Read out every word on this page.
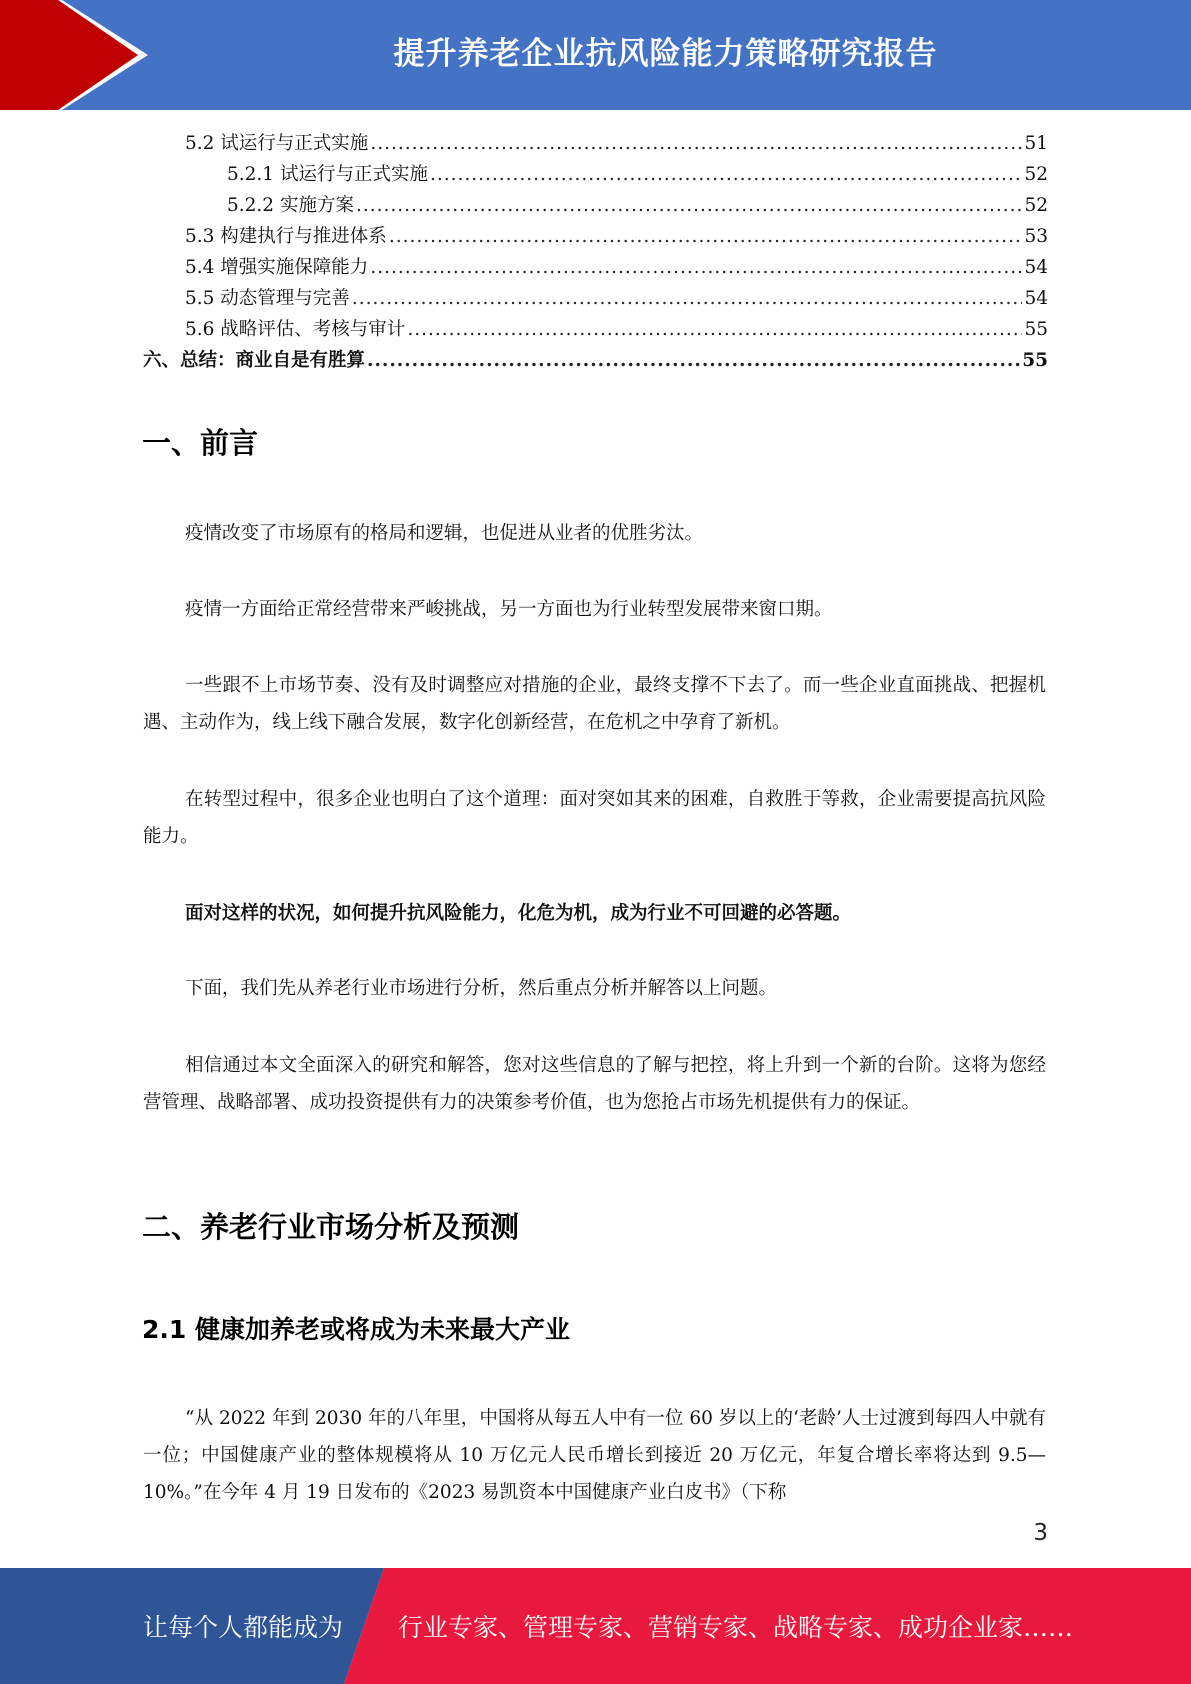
提升养老企业抗风险能力策略研究报告
5.2 试运行与正式实施 .....	51
5.2.1 试运行与正式实施 .....	52
5.2.2 实施方案 .....	52
5.3 构建执行与推进体系 .....	53
5.4 增强实施保障能力 .....	54
5.5 动态管理与完善 .....	54
5.6 战略评估、考核与审计 .....	55
六、总结：商业自是有胜算 .....	55
一、前言

疫情改变了市场原有的格局和逻辑，也促进从业者的优胜劣汰。

疫情一方面给正常经营带来严峻挑战，另一方面也为行业转型发展带来窗口期。

一些跟不上市场节奏、没有及时调整应对措施的企业，最终支撑不下去了。而一些企业直面挑战、把握机遇、主动作为，线上线下融合发展，数字化创新经营，在危机之中孕育了新机。

在转型过程中，很多企业也明白了这个道理：面对突如其来的困难，自救胜于等救，企业需要提高抗风险能力。

面对这样的状况，如何提升抗风险能力，化危为机，成为行业不可回避的必答题。

下面，我们先从养老行业市场进行分析，然后重点分析并解答以上问题。

相信通过本文全面深入的研究和解答，您对这些信息的了解与把控，将上升到一个新的台阶。这将为您经营管理、战略部署、成功投资提供有力的决策参考价值，也为您抢占市场先机提供有力的保证。

二、养老行业市场分析及预测
2.1 健康加养老或将成为未来最大产业

“从 2022 年到 2030 年的八年里，中国将从每五人中有一位 60 岁以上的‘老龄’人士过渡到每四人中就有一位；中国健康产业的整体规模将从 10 万亿元人民币增长到接近 20 万亿元，年复合增长率将达到 9.5—10%。”在今年 4 月 19 日发布的《2023 易凯资本中国健康产业白皮书》（下称

3
让每个人都能成为 行业专家、管理专家、营销专家、战略专家、成功企业家……
